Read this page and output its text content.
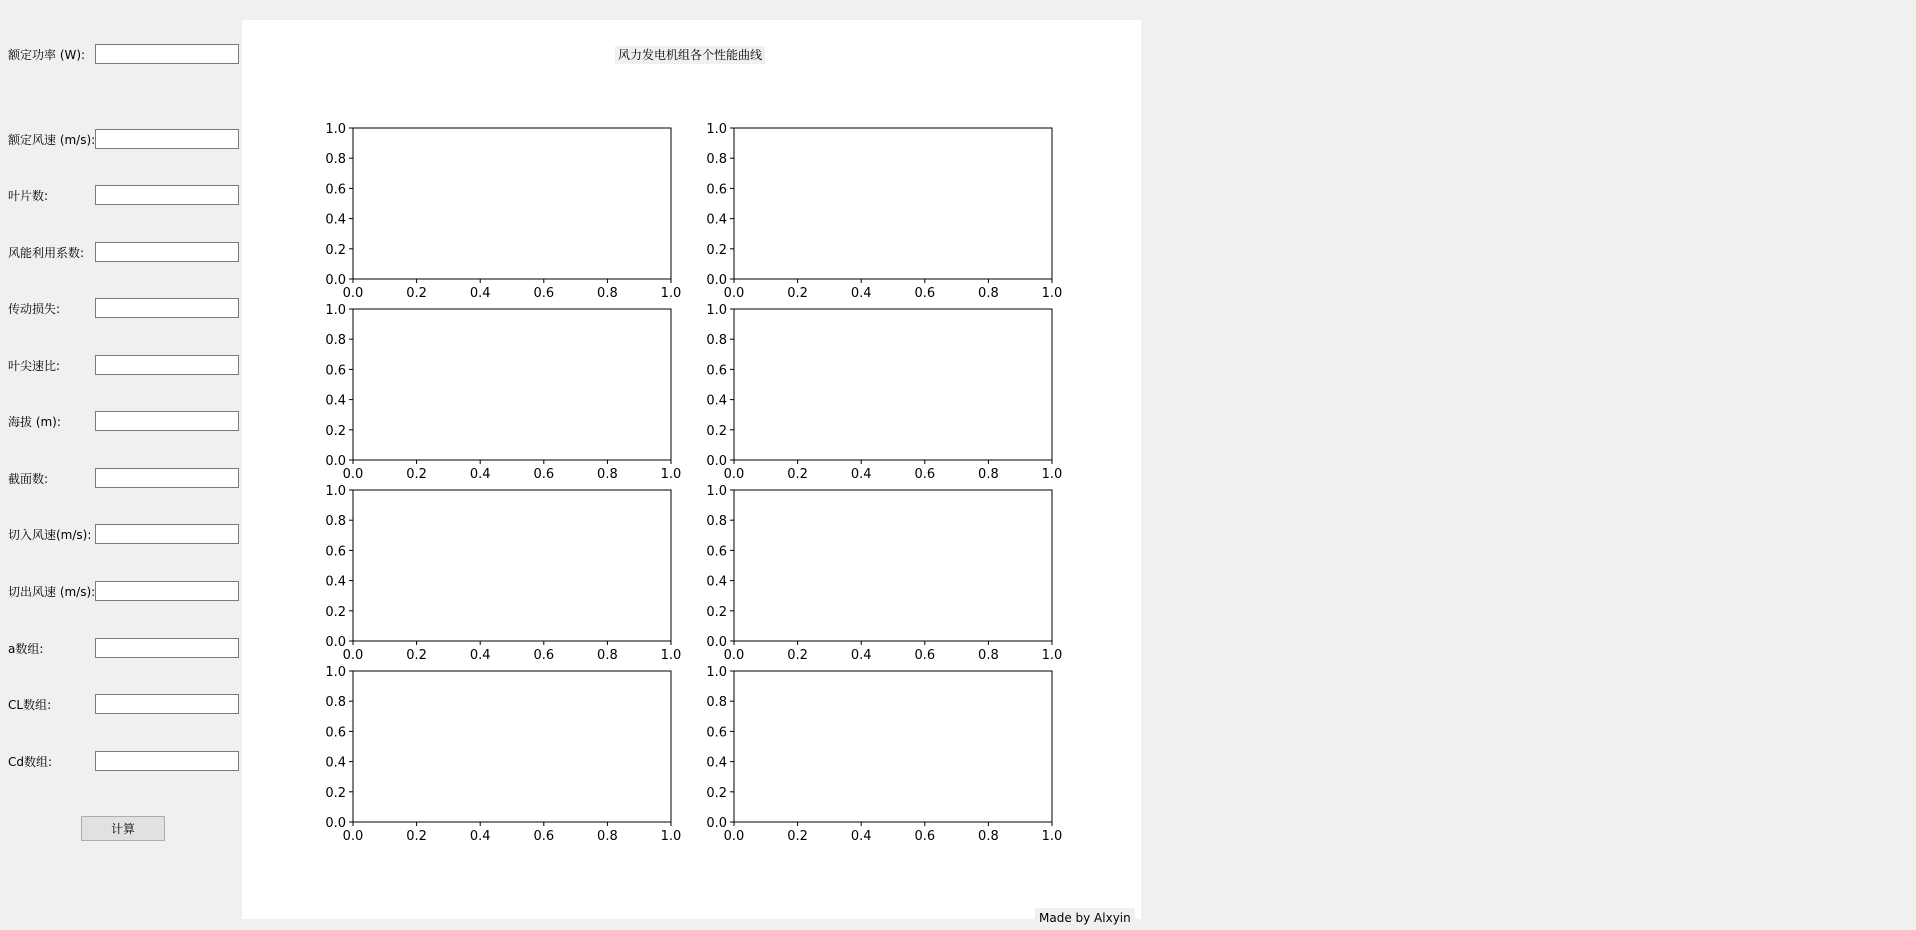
额定功率 (W):
额定风速 (m/s):
叶片数:
风能利用系数:
传动损失:
叶尖速比:
海拔 (m):
截面数:
切入风速(m/s):
切出风速 (m/s):
a数组:
CL数组:
Cd数组:
计算
0.0	0.2	0.4	0.6	0.8	1.0
0.0
0.2
0.4
0.6
0.8
1.0
0.0	0.2	0.4	0.6	0.8	1.0
0.0
0.2
0.4
0.6
0.8
1.0
0.0	0.2	0.4	0.6	0.8	1.0
0.0
0.2
0.4
0.6
0.8
1.0
0.0	0.2	0.4	0.6	0.8	1.0
0.0
0.2
0.4
0.6
0.8
1.0
0.0	0.2	0.4	0.6	0.8	1.0
0.0
0.2
0.4
0.6
0.8
1.0
0.0	0.2	0.4	0.6	0.8	1.0
0.0
0.2
0.4
0.6
0.8
1.0
0.0	0.2	0.4	0.6	0.8	1.0
0.0
0.2
0.4
0.6
0.8
1.0
0.0	0.2	0.4	0.6	0.8	1.0
0.0
0.2
0.4
0.6
0.8
1.0
风力发电机组各个性能曲线
Made by Alxyin
